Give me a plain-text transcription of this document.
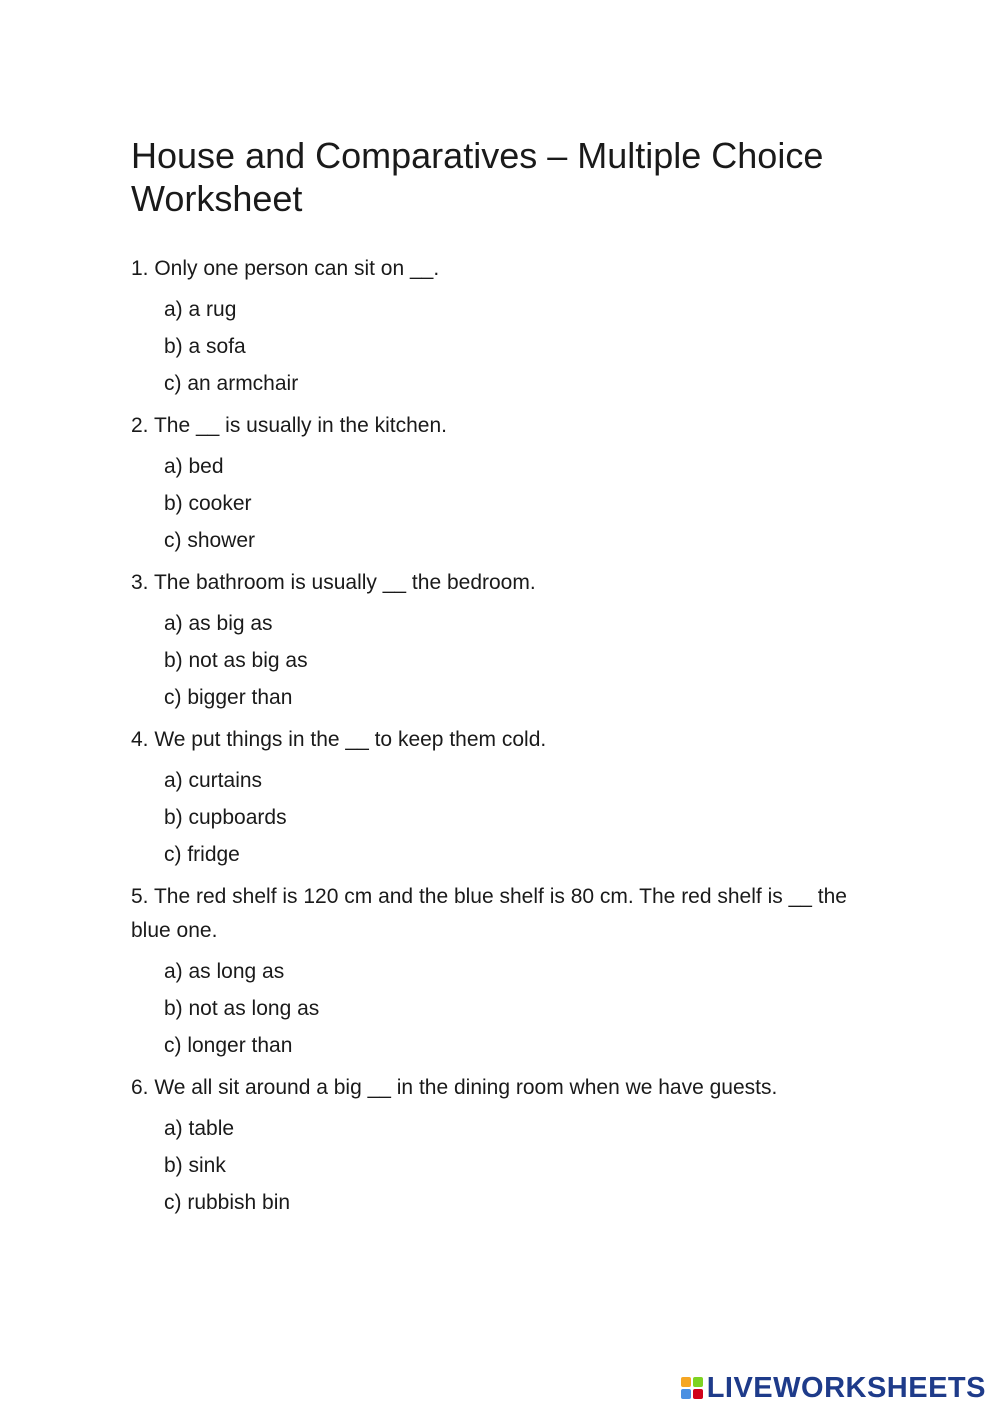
House and Comparatives – Multiple Choice Worksheet
1. Only one person can sit on __.
a) a rug
b) a sofa
c) an armchair
2. The __ is usually in the kitchen.
a) bed
b) cooker
c) shower
3. The bathroom is usually __ the bedroom.
a) as big as
b) not as big as
c) bigger than
4. We put things in the __ to keep them cold.
a) curtains
b) cupboards
c) fridge
5. The red shelf is 120 cm and the blue shelf is 80 cm. The red shelf is __ the blue one.
a) as long as
b) not as long as
c) longer than
6. We all sit around a big __ in the dining room when we have guests.
a) table
b) sink
c) rubbish bin
LIVEWORKSHEETS
